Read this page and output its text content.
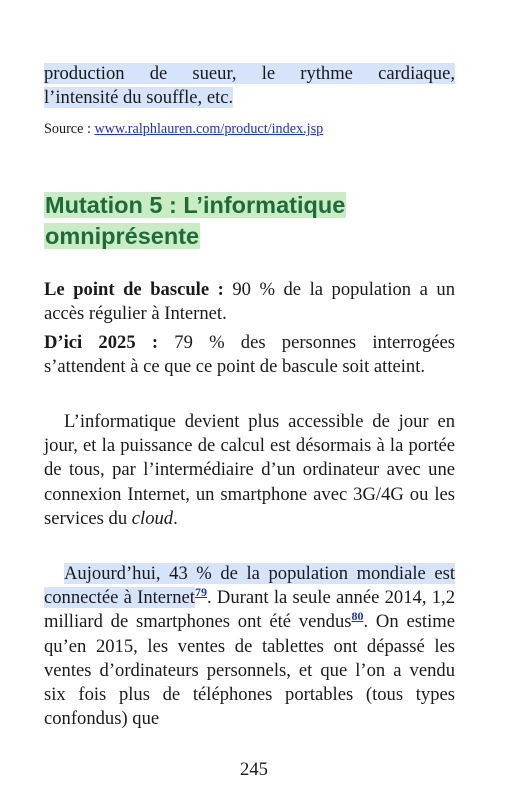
production de sueur, le rythme cardiaque,
l’intensité du souffle, etc.
Source : www.ralphlauren.com/product/index.jsp
Mutation 5 : L’informatique
omniprésente
Le point de bascule : 90 % de la population a un accès régulier à Internet.
D’ici 2025 : 79 % des personnes interrogées s’attendent à ce que ce point de bascule soit atteint.
L’informatique devient plus accessible de jour en jour, et la puissance de calcul est désormais à la portée de tous, par l’intermédiaire d’un ordinateur avec une connexion Internet, un smartphone avec 3G/4G ou les services du cloud.
Aujourd’hui, 43 % de la population mondiale est connectée à Internet$^{79}$. Durant la seule année 2014, 1,2 milliard de smartphones ont été vendus$^{80}$. On estime qu’en 2015, les ventes de tablettes ont dépassé les ventes d’ordinateurs personnels, et que l’on a vendu six fois plus de téléphones portables (tous types confondus) que
245
